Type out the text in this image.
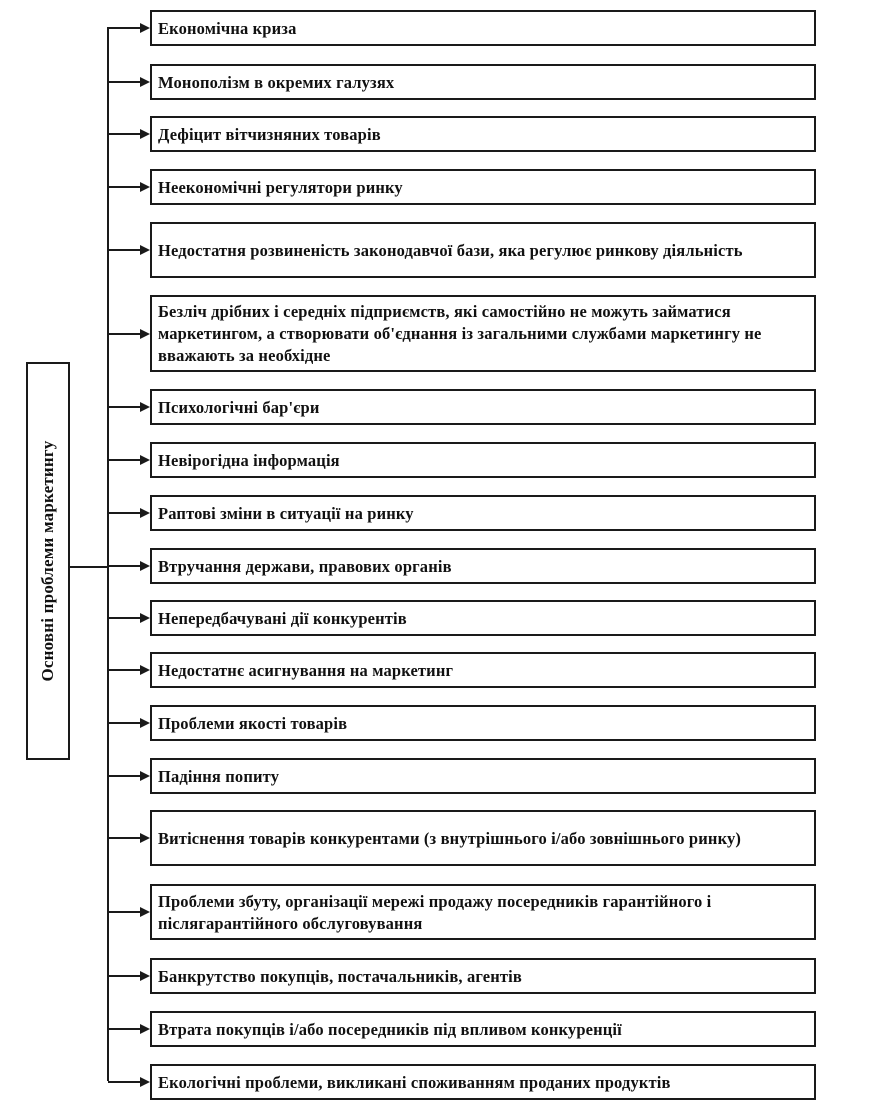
Основні проблеми маркетингу
Економічна криза
Монополізм в окремих галузях
Дефіцит вітчизняних товарів
Неекономічні регулятори ринку
Недостатня розвиненість законодавчої бази, яка регулює ринкову діяльність
Безліч дрібних і середніх підприємств, які самостійно не можуть займатися маркетингом, а створювати об'єднання із загальними службами маркетингу не вважають за необхідне
Психологічні бар'єри
Невірогідна інформація
Раптові зміни в ситуації на ринку
Втручання держави, правових органів
Непередбачувані дії конкурентів
Недостатнє асигнування на маркетинг
Проблеми якості товарів
Падіння попиту
Витіснення товарів конкурентами (з внутрішнього і/або зовнішнього ринку)
Проблеми збуту, організації мережі продажу посередників гарантійного і післягарантійного обслуговування
Банкрутство покупців, постачальників, агентів
Втрата покупців і/або посередників під впливом конкуренції
Екологічні проблеми, викликані споживанням проданих продуктів
